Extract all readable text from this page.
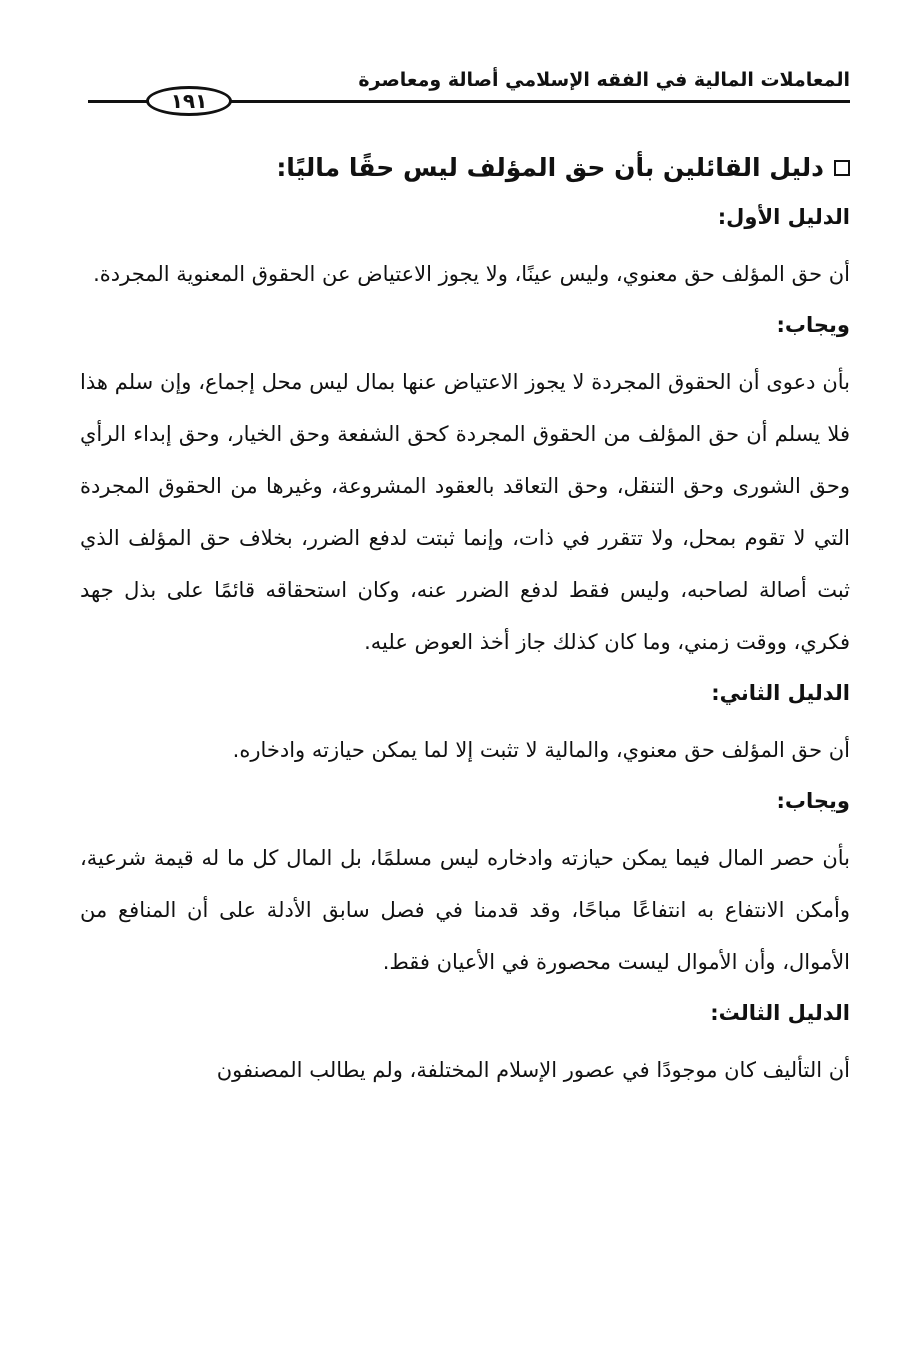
المعاملات المالية في الفقه الإسلامي أصالة ومعاصرة
١٩١
دليل القائلين بأن حق المؤلف ليس حقًا ماليًا:
الدليل الأول:

أن حق المؤلف حق معنوي، وليس عينًا، ولا يجوز الاعتياض عن الحقوق المعنوية المجردة.

ويجاب:

بأن دعوى أن الحقوق المجردة لا يجوز الاعتياض عنها بمال ليس محل إجماع، وإن سلم هذا فلا يسلم أن حق المؤلف من الحقوق المجردة كحق الشفعة وحق الخيار، وحق إبداء الرأي وحق الشورى وحق التنقل، وحق التعاقد بالعقود المشروعة، وغيرها من الحقوق المجردة التي لا تقوم بمحل، ولا تتقرر في ذات، وإنما ثبتت لدفع الضرر، بخلاف حق المؤلف الذي ثبت أصالة لصاحبه، وليس فقط لدفع الضرر عنه، وكان استحقاقه قائمًا على بذل جهد فكري، ووقت زمني، وما كان كذلك جاز أخذ العوض عليه.

الدليل الثاني:

أن حق المؤلف حق معنوي، والمالية لا تثبت إلا لما يمكن حيازته وادخاره.

ويجاب:

بأن حصر المال فيما يمكن حيازته وادخاره ليس مسلمًا، بل المال كل ما له قيمة شرعية، وأمكن الانتفاع به انتفاعًا مباحًا، وقد قدمنا في فصل سابق الأدلة على أن المنافع من الأموال، وأن الأموال ليست محصورة في الأعيان فقط.

الدليل الثالث:

أن التأليف كان موجودًا في عصور الإسلام المختلفة، ولم يطالب المصنفون
